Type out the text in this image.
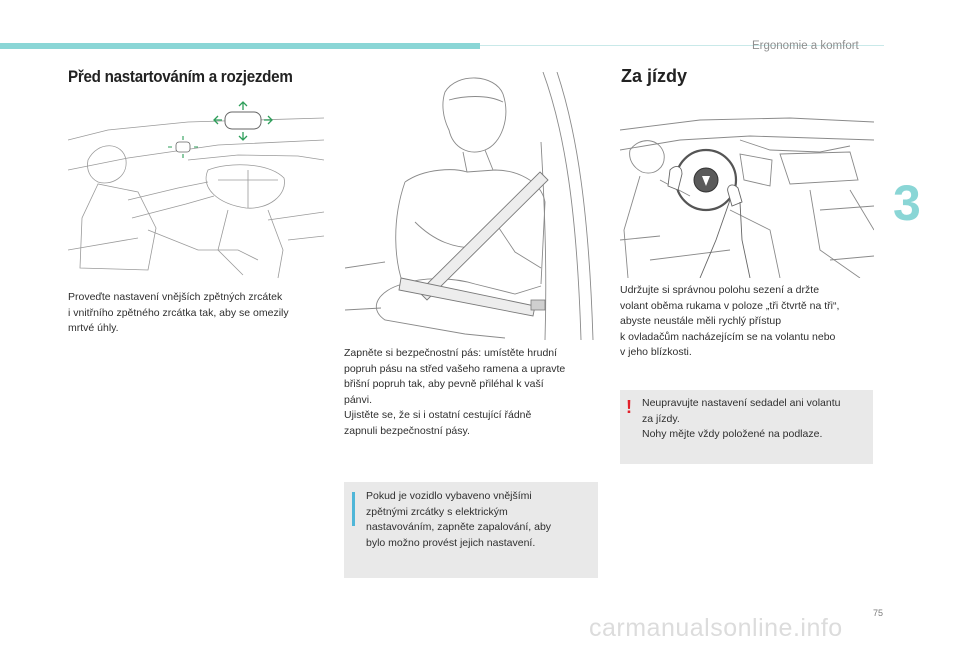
Ergonomie a komfort
3
Před nastartováním a rozjezdem

Proveďte nastavení vnějších zpětných zrcátek
i vnitřního zpětného zrcátka tak, aby se omezily
mrtvé úhly.

Zapněte si bezpečnostní pás: umístěte hrudní
popruh pásu na střed vašeho ramena a upravte
břišní popruh tak, aby pevně přiléhal k vaší
pánvi.

Ujistěte se, že si i ostatní cestující řádně
zapnuli bezpečnostní pásy.

Pokud je vozidlo vybaveno vnějšími
zpětnými zrcátky s elektrickým
nastavováním, zapněte zapalování, aby
bylo možno provést jejich nastavení.
Za jízdy

Udržujte si správnou polohu sezení a držte
volant oběma rukama v poloze „tři čtvrtě na tři“,
abyste neustále měli rychlý přístup
k ovladačům nacházejícím se na volantu nebo
v jeho blízkosti.

! Neupravujte nastavení sedadel ani volantu
za jízdy.
Nohy mějte vždy položené na podlaze.
75
carmanualsonline.info
